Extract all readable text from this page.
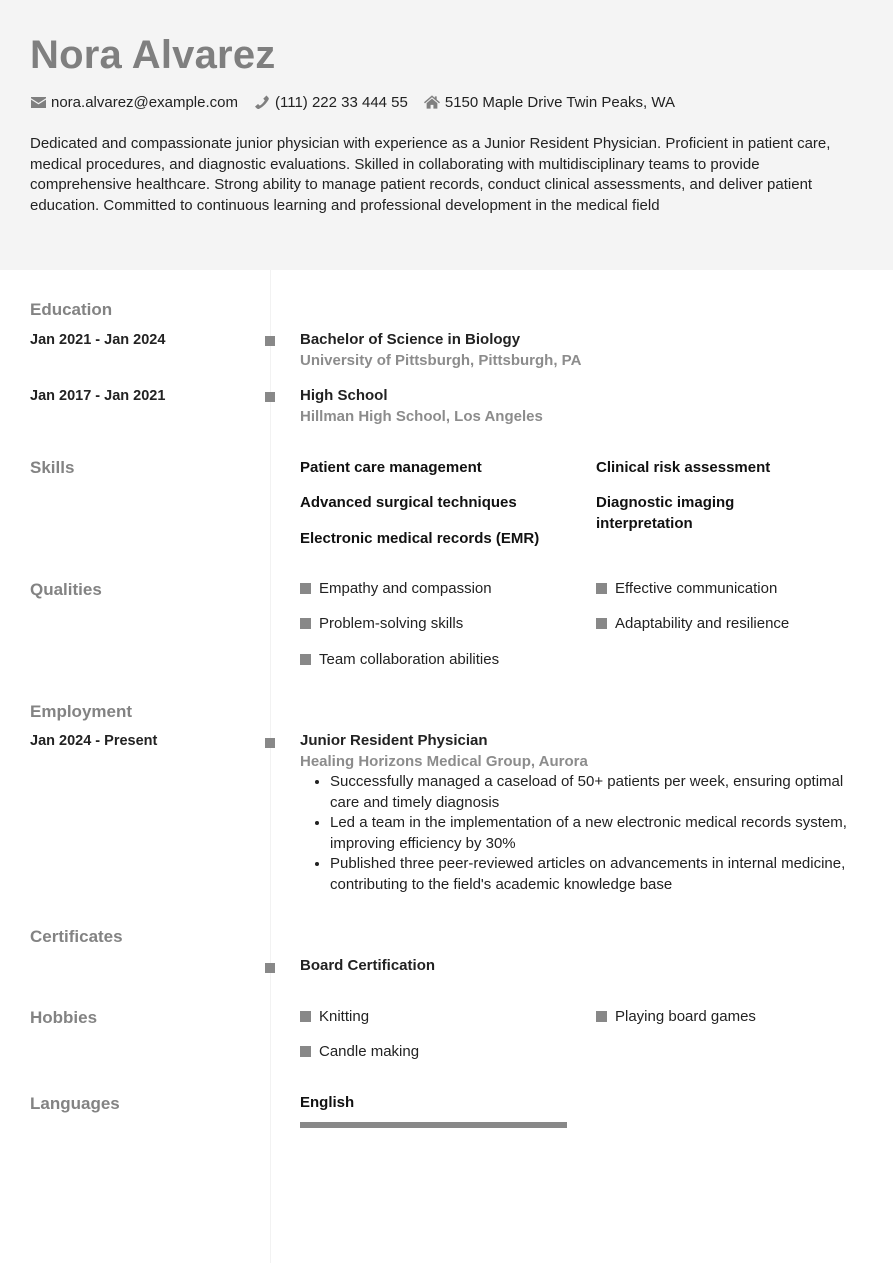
Nora Alvarez
nora.alvarez@example.com (111) 222 33 444 55 5150 Maple Drive Twin Peaks, WA
Dedicated and compassionate junior physician with experience as a Junior Resident Physician. Proficient in patient care, medical procedures, and diagnostic evaluations. Skilled in collaborating with multidisciplinary teams to provide comprehensive healthcare. Strong ability to manage patient records, conduct clinical assessments, and deliver patient education. Committed to continuous learning and professional development in the medical field
Education
Jan 2021 - Jan 2024	Bachelor of Science in Biology
University of Pittsburgh, Pittsburgh, PA
Jan 2017 - Jan 2021	High School
Hillman High School, Los Angeles
Skills	Patient care management	Clinical risk assessment
Advanced surgical techniques	Diagnostic imaging interpretation
Electronic medical records (EMR)
Qualities	Empathy and compassion	Effective communication
Problem-solving skills	Adaptability and resilience
Team collaboration abilities
Employment
Jan 2024 - Present	Junior Resident Physician
Healing Horizons Medical Group, Aurora
• Successfully managed a caseload of 50+ patients per week, ensuring optimal care and timely diagnosis
• Led a team in the implementation of a new electronic medical records system, improving efficiency by 30%
• Published three peer-reviewed articles on advancements in internal medicine, contributing to the field's academic knowledge base
Certificates
Board Certification
Hobbies	Knitting	Playing board games
Candle making
Languages	English
